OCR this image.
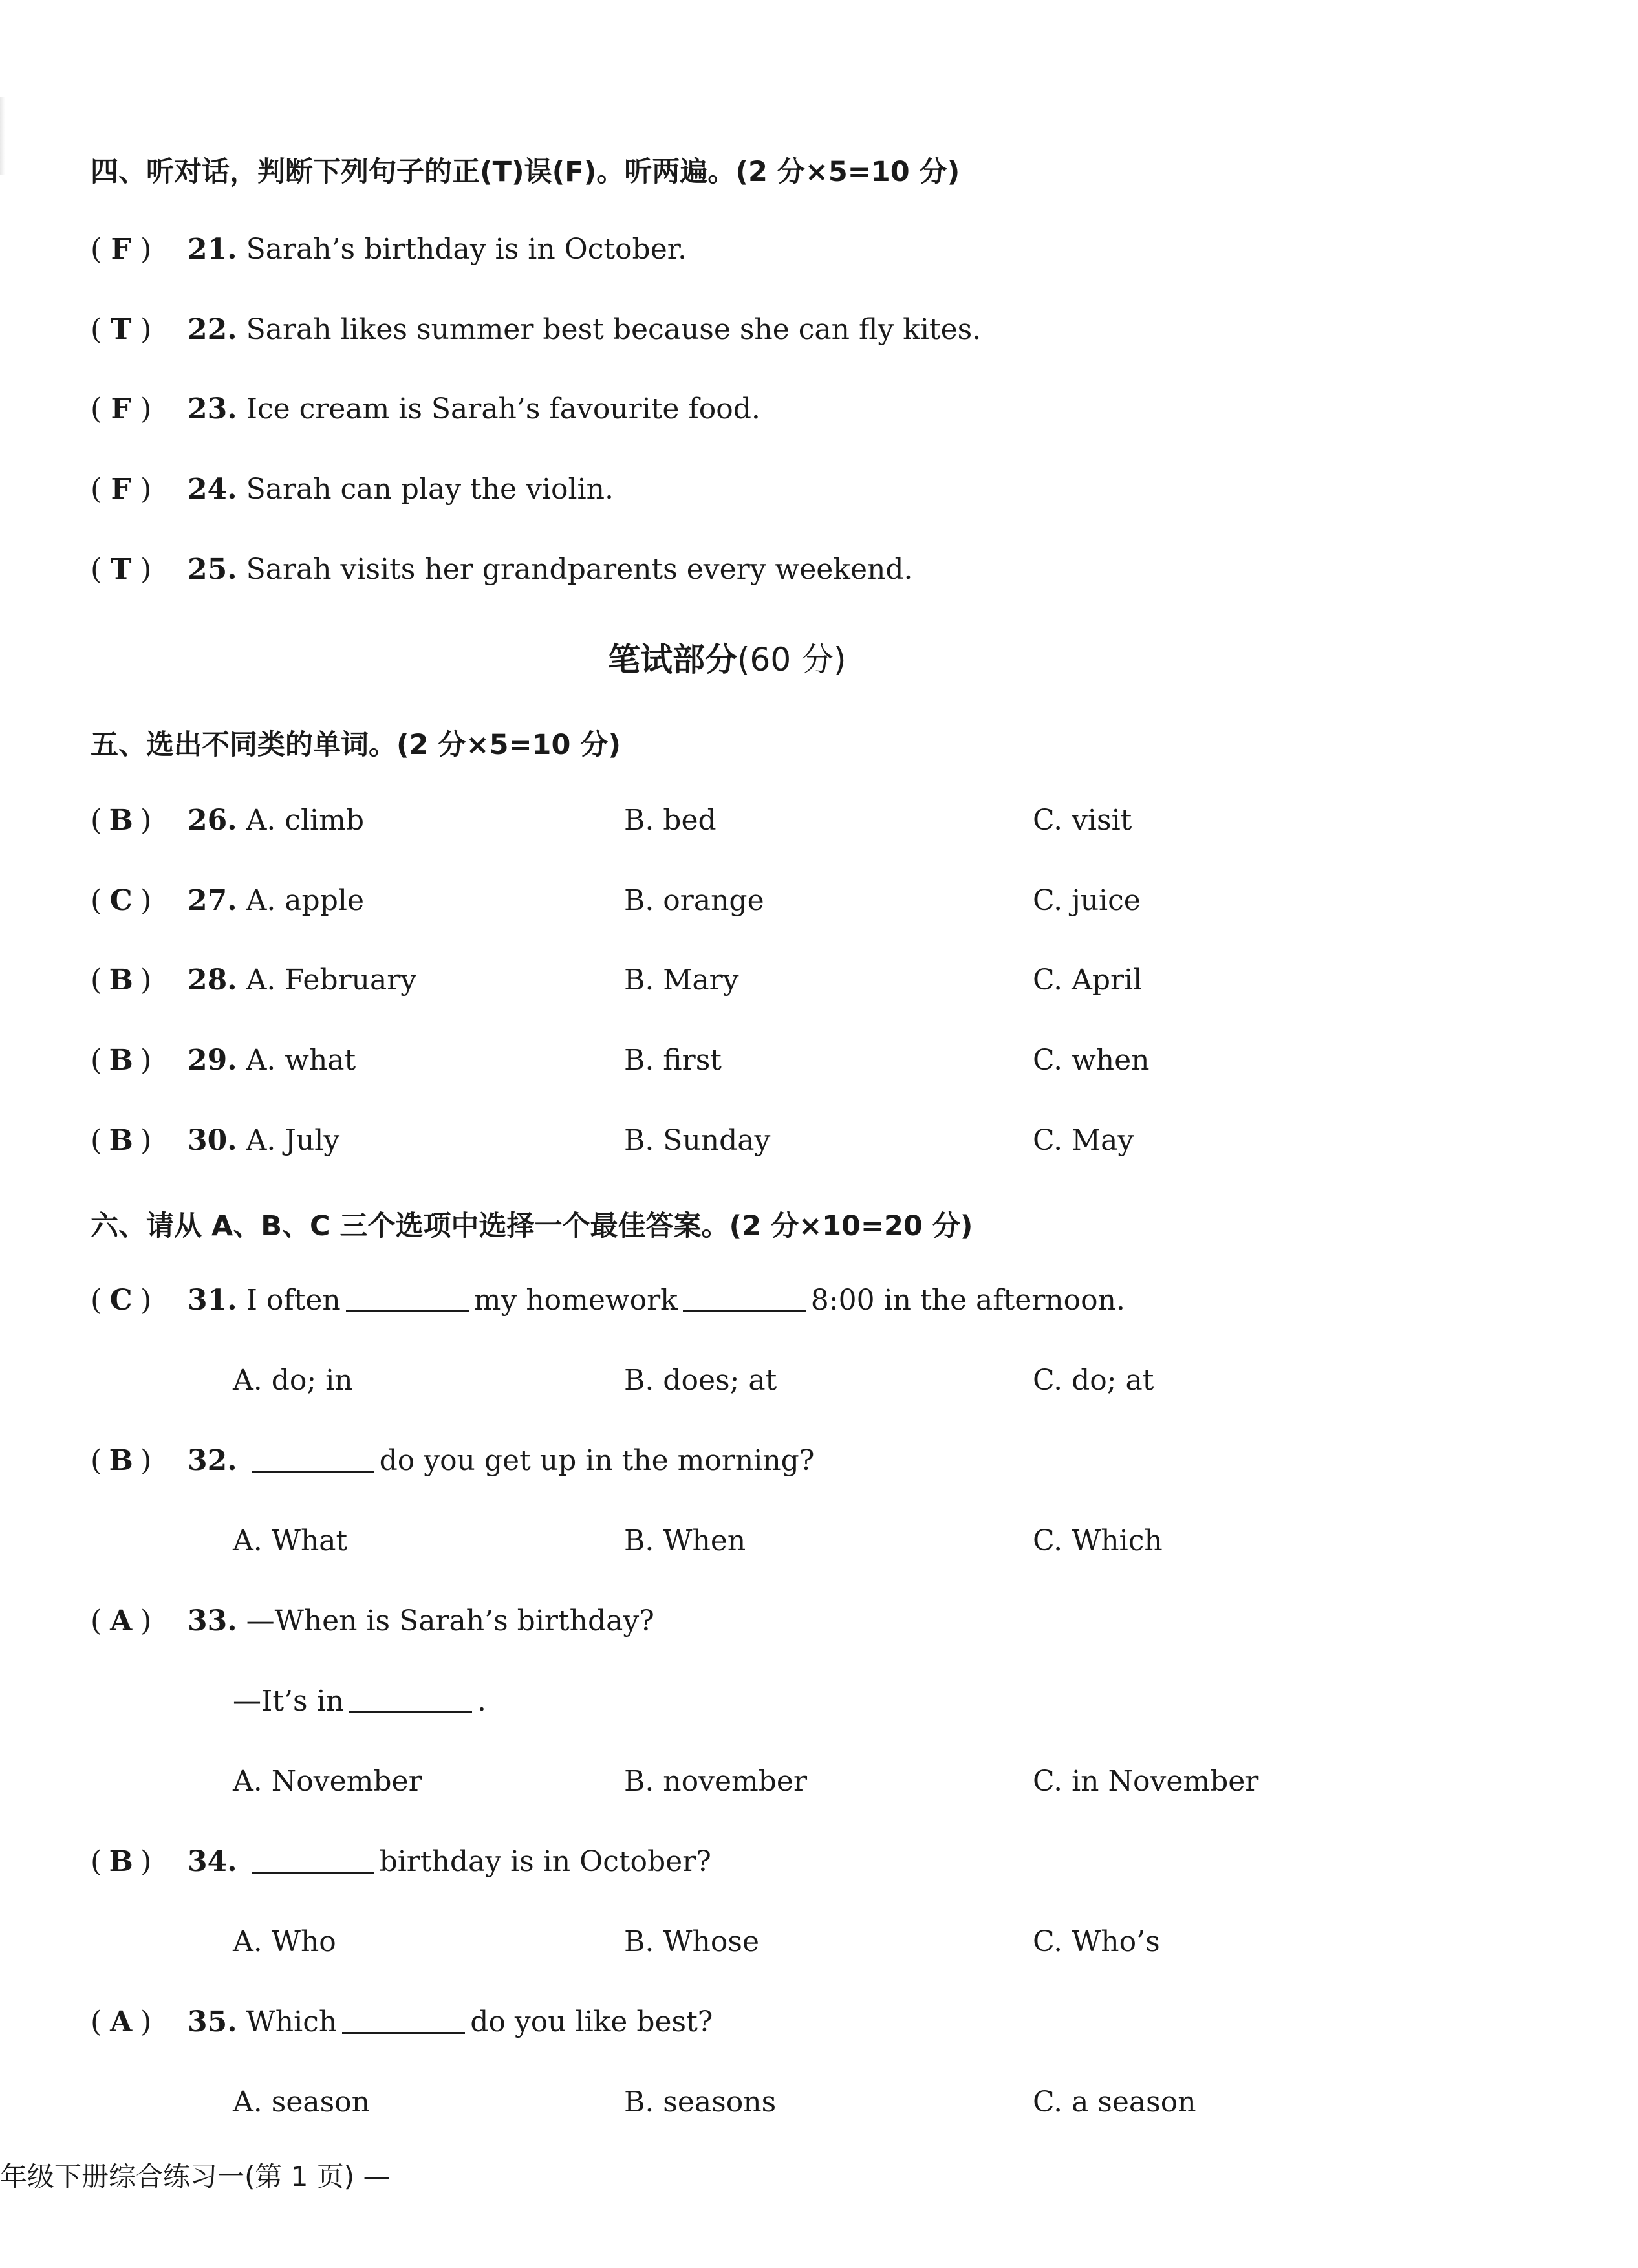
四、听对话，判断下列句子的正(T)误(F)。听两遍。(2 分×5=10 分)
( F ) 21. Sarah’s birthday is in October.
( T ) 22. Sarah likes summer best because she can fly kites.
( F ) 23. Ice cream is Sarah’s favourite food.
( F ) 24. Sarah can play the violin.
( T ) 25. Sarah visits her grandparents every weekend.
笔试部分(60 分)
五、选出不同类的单词。(2 分×5=10 分)
( B ) 26. A. climb	B. bed	C. visit
( C ) 27. A. apple	B. orange	C. juice
( B ) 28. A. February	B. Mary	C. April
( B ) 29. A. what	B. first	C. when
( B ) 30. A. July	B. Sunday	C. May
六、请从 A、B、C 三个选项中选择一个最佳答案。(2 分×10=20 分)
( C ) 31. I often	my homework	8:00 in the afternoon.
A. do; in	B. does; at	C. do; at
( B ) 32.	do you get up in the morning?
A. What	B. When	C. Which
( A ) 33. —When is Sarah’s birthday?
—It’s in	.
A. November	B. november	C. in November
( B ) 34.	birthday is in October?
A. Who	B. Whose	C. Who’s
( A ) 35. Which	do you like best?
A. season	B. seasons	C. a season
年级下册综合练习一(第 1 页) —
